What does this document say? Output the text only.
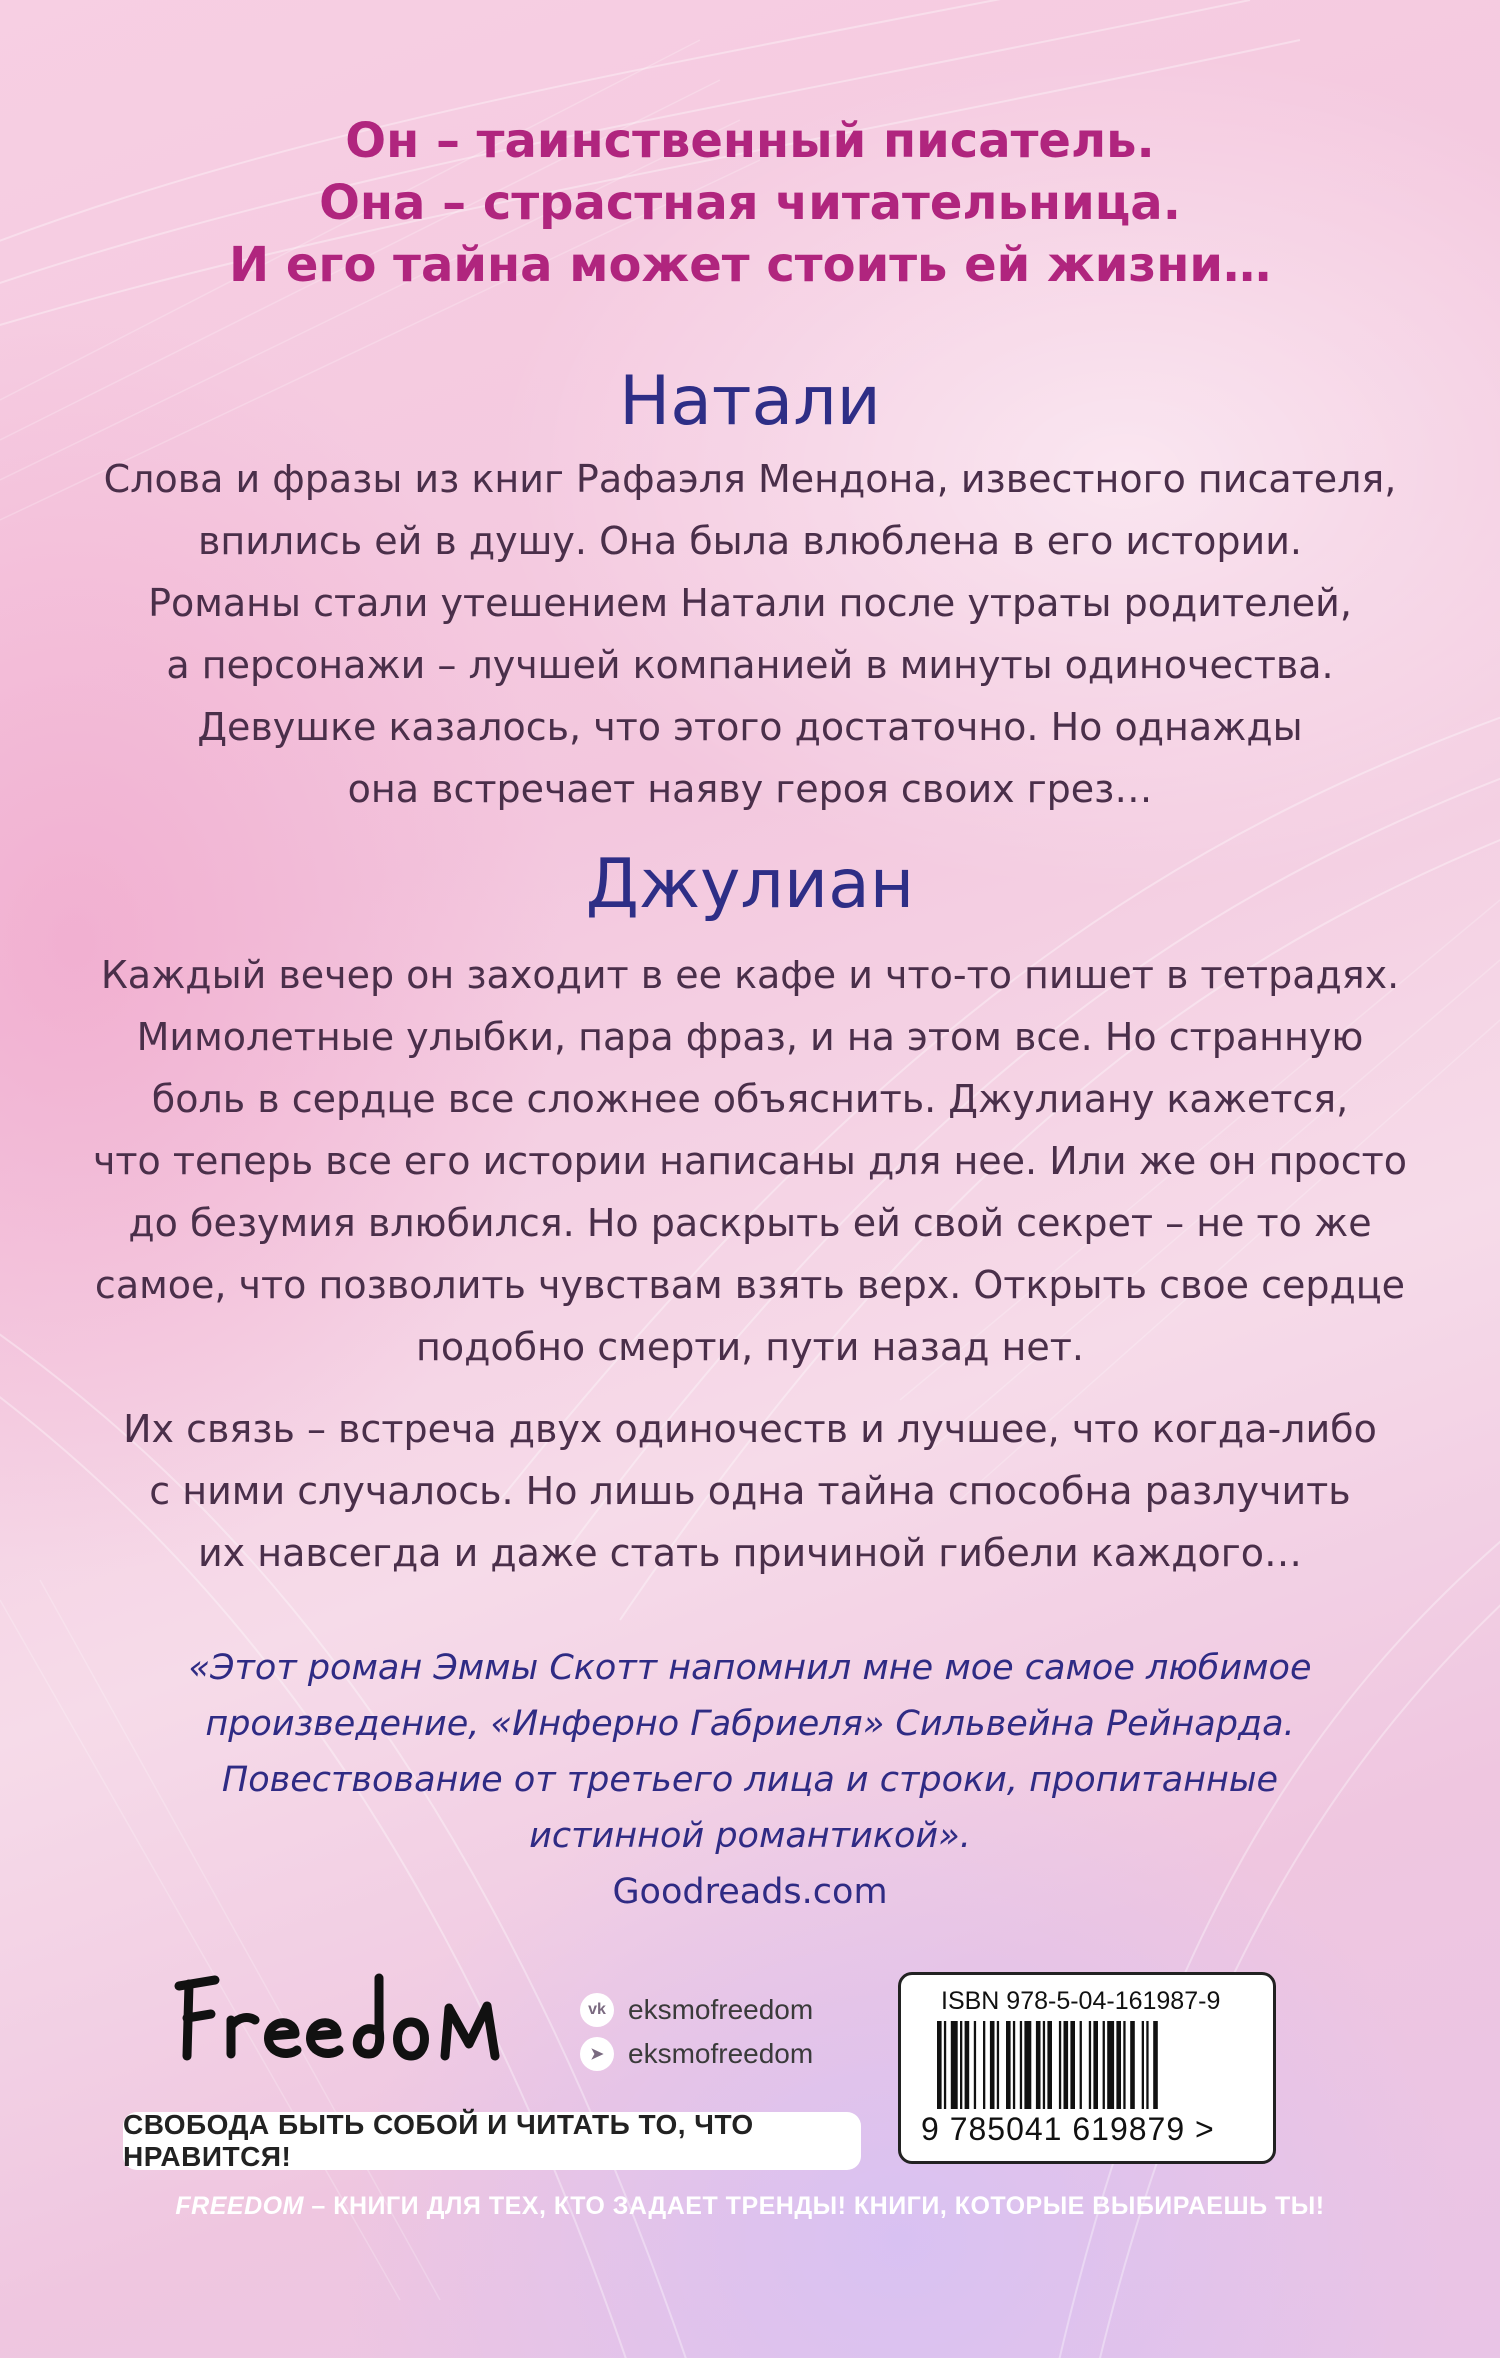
Он – таинственный писатель.
Она – страстная читательница.
И его тайна может стоить ей жизни…
Натали
Слова и фразы из книг Рафаэля Мендона, известного писателя,
впились ей в душу. Она была влюблена в его истории.
Романы стали утешением Натали после утраты родителей,
а персонажи – лучшей компанией в минуты одиночества.
Девушке казалось, что этого достаточно. Но однажды
она встречает наяву героя своих грез…
Джулиан
Каждый вечер он заходит в ее кафе и что-то пишет в тетрадях.
Мимолетные улыбки, пара фраз, и на этом все. Но странную
боль в сердце все сложнее объяснить. Джулиану кажется,
что теперь все его истории написаны для нее. Или же он просто
до безумия влюбился. Но раскрыть ей свой секрет – не то же
самое, что позволить чувствам взять верх. Открыть свое сердце
подобно смерти, пути назад нет.
Их связь – встреча двух одиночеств и лучшее, что когда-либо
с ними случалось. Но лишь одна тайна способна разлучить
их навсегда и даже стать причиной гибели каждого…
«Этот роман Эммы Скотт напомнил мне мое самое любимое
произведение, «Инферно Габриеля» Сильвейна Рейнарда.
Повествование от третьего лица и строки, пропитанные
истинной романтикой».
Goodreads.com
vk eksmofreedom
➤ eksmofreedom
СВОБОДА БЫТЬ СОБОЙ И ЧИТАТЬ ТО, ЧТО НРАВИТСЯ!
ISBN 978-5-04-161987-9
9 785041 619879 >
FREEDOM – КНИГИ ДЛЯ ТЕХ, КТО ЗАДАЕТ ТРЕНДЫ! КНИГИ, КОТОРЫЕ ВЫБИРАЕШЬ ТЫ!
